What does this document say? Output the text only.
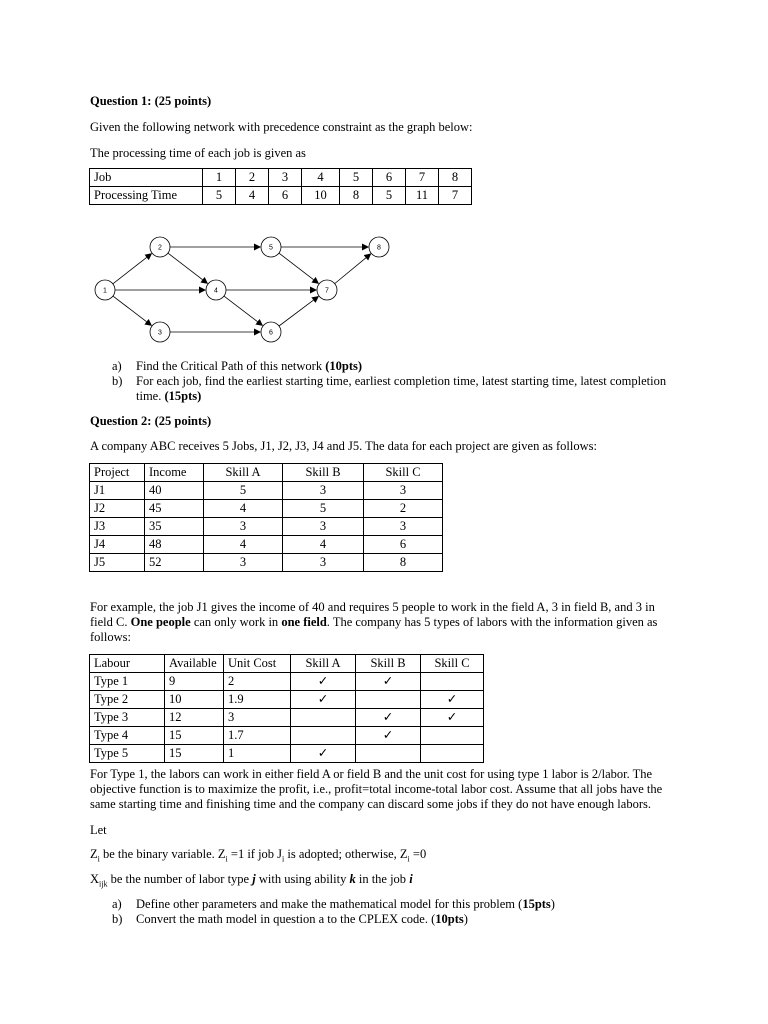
Question 1: (25 points)
Given the following network with precedence constraint as the graph below:
The processing time of each job is given as
Job	1	2	3	4	5	6	7	8
Processing Time	5	4	6	10	8	5	11	7
1
2
3
4
5
6
7
8
a) Find the Critical Path of this network (10pts)
b) For each job, find the earliest starting time, earliest completion time, latest starting time, latest completion
time. (15pts)
Question 2: (25 points)
A company ABC receives 5 Jobs, J1, J2, J3, J4 and J5. The data for each project are given as follows:
Project	Income	Skill A	Skill B	Skill C
J1	40	5	3	3
J2	45	4	5	2
J3	35	3	3	3
J4	48	4	4	6
J5	52	3	3	8
For example, the job J1 gives the income of 40 and requires 5 people to work in the field A, 3 in field B, and 3 in
field C. One people can only work in one field. The company has 5 types of labors with the information given as
follows:
Labour	Available	Unit Cost	Skill A	Skill B	Skill C
Type 1	9	2	✓	✓	
Type 2	10	1.9	✓		✓
Type 3	12	3		✓	✓
Type 4	15	1.7		✓	
Type 5	15	1	✓		
For Type 1, the labors can work in either field A or field B and the unit cost for using type 1 labor is 2/labor. The
objective function is to maximize the profit, i.e., profit=total income-total labor cost. Assume that all jobs have the
same starting time and finishing time and the company can discard some jobs if they do not have enough labors.
Let
$Z_i$ be the binary variable. $Z_i =1$ if job $J_i$ is adopted; otherwise, $Z_i =0$
$X_{ijk}$ be the number of labor type j with using ability k in the job i
a) Define other parameters and make the mathematical model for this problem (15pts)
b) Convert the math model in question a to the CPLEX code. (10pts)
